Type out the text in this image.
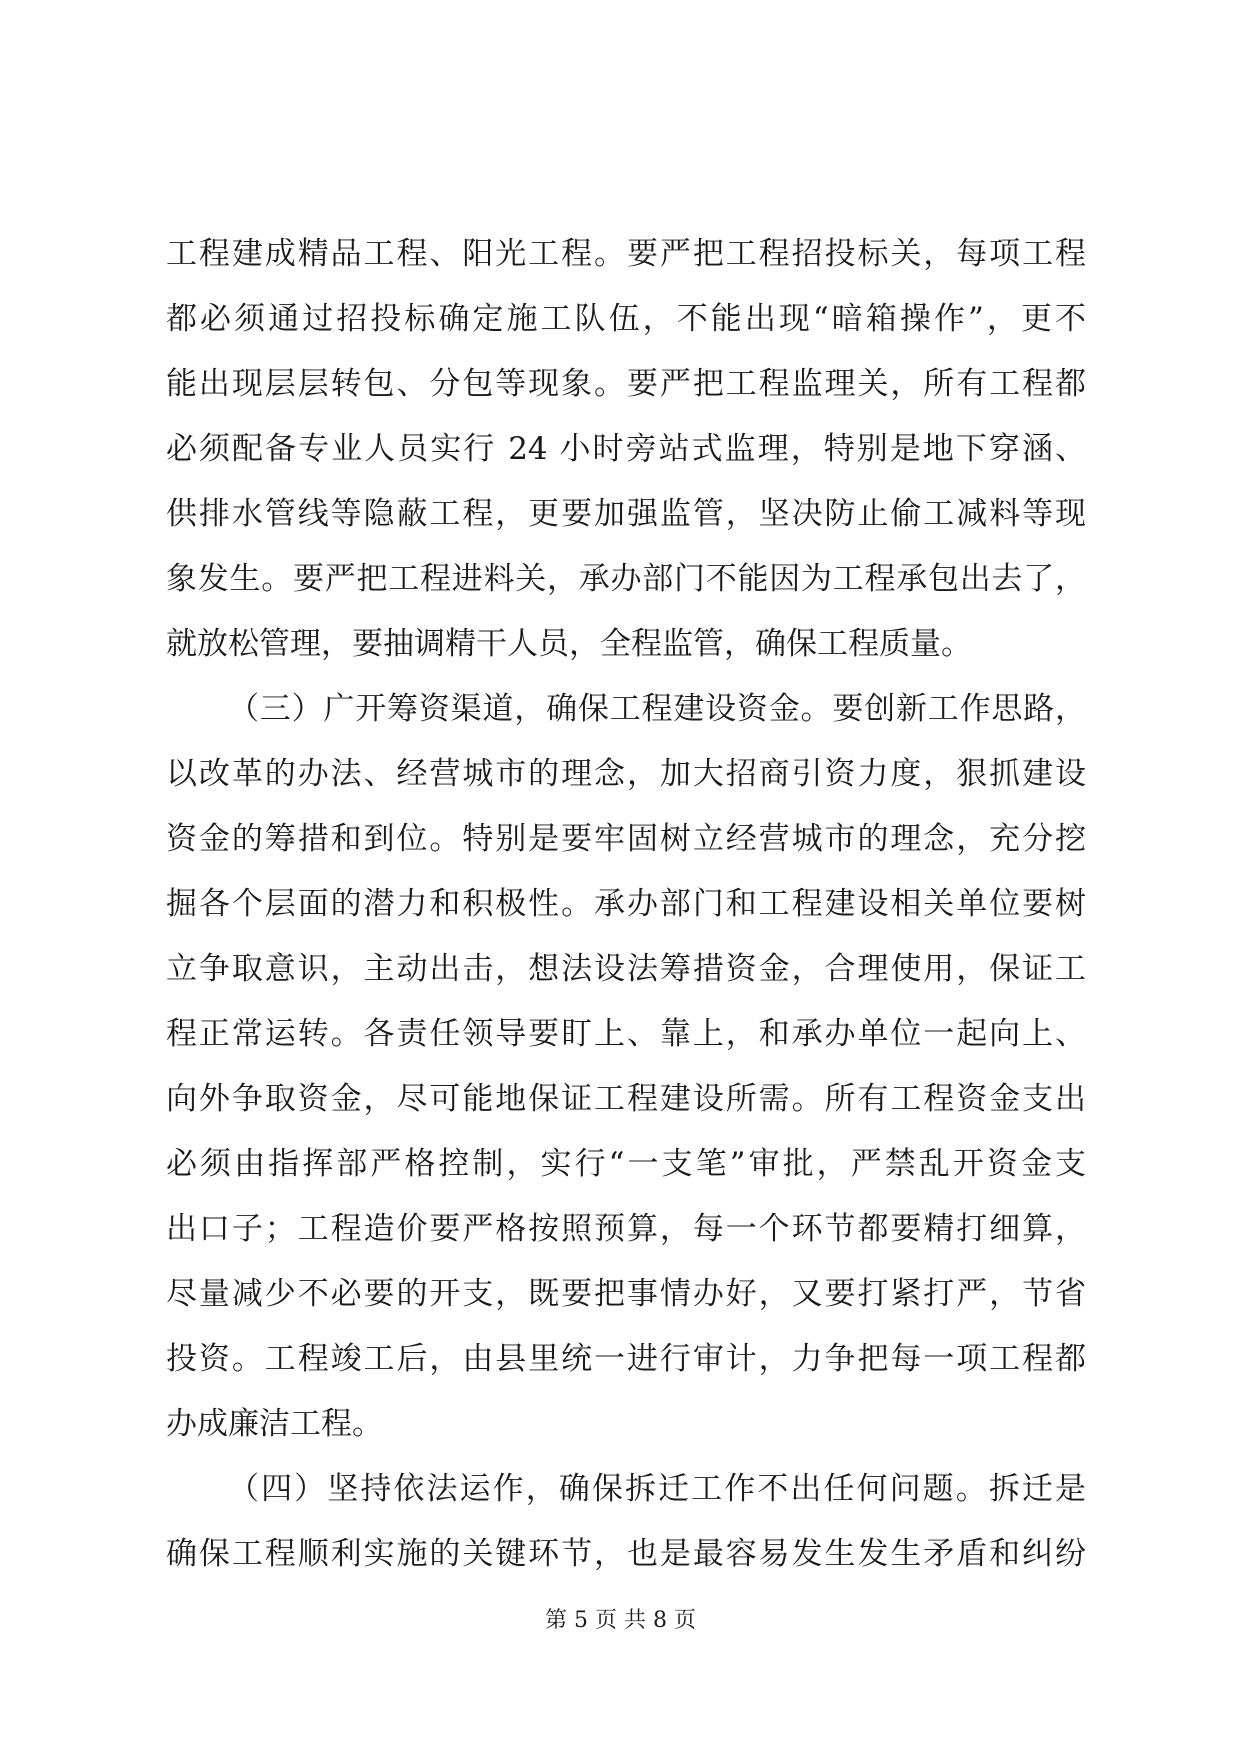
工程建成精品工程、阳光工程。要严把工程招投标关，每项工程
都必须通过招投标确定施工队伍，不能出现“暗箱操作”，更不
能出现层层转包、分包等现象。要严把工程监理关，所有工程都
必须配备专业人员实行 24 小时旁站式监理，特别是地下穿涵、
供排水管线等隐蔽工程，更要加强监管，坚决防止偷工减料等现
象发生。要严把工程进料关，承办部门不能因为工程承包出去了，
就放松管理，要抽调精干人员，全程监管，确保工程质量。
（三）广开筹资渠道，确保工程建设资金。要创新工作思路，
以改革的办法、经营城市的理念，加大招商引资力度，狠抓建设
资金的筹措和到位。特别是要牢固树立经营城市的理念，充分挖
掘各个层面的潜力和积极性。承办部门和工程建设相关单位要树
立争取意识，主动出击，想法设法筹措资金，合理使用，保证工
程正常运转。各责任领导要盯上、靠上，和承办单位一起向上、
向外争取资金，尽可能地保证工程建设所需。所有工程资金支出
必须由指挥部严格控制，实行“一支笔”审批，严禁乱开资金支
出口子；工程造价要严格按照预算，每一个环节都要精打细算，
尽量减少不必要的开支，既要把事情办好，又要打紧打严，节省
投资。工程竣工后，由县里统一进行审计，力争把每一项工程都
办成廉洁工程。
（四）坚持依法运作，确保拆迁工作不出任何问题。拆迁是
确保工程顺利实施的关键环节，也是最容易发生发生矛盾和纠纷
第 5 页 共 8 页
